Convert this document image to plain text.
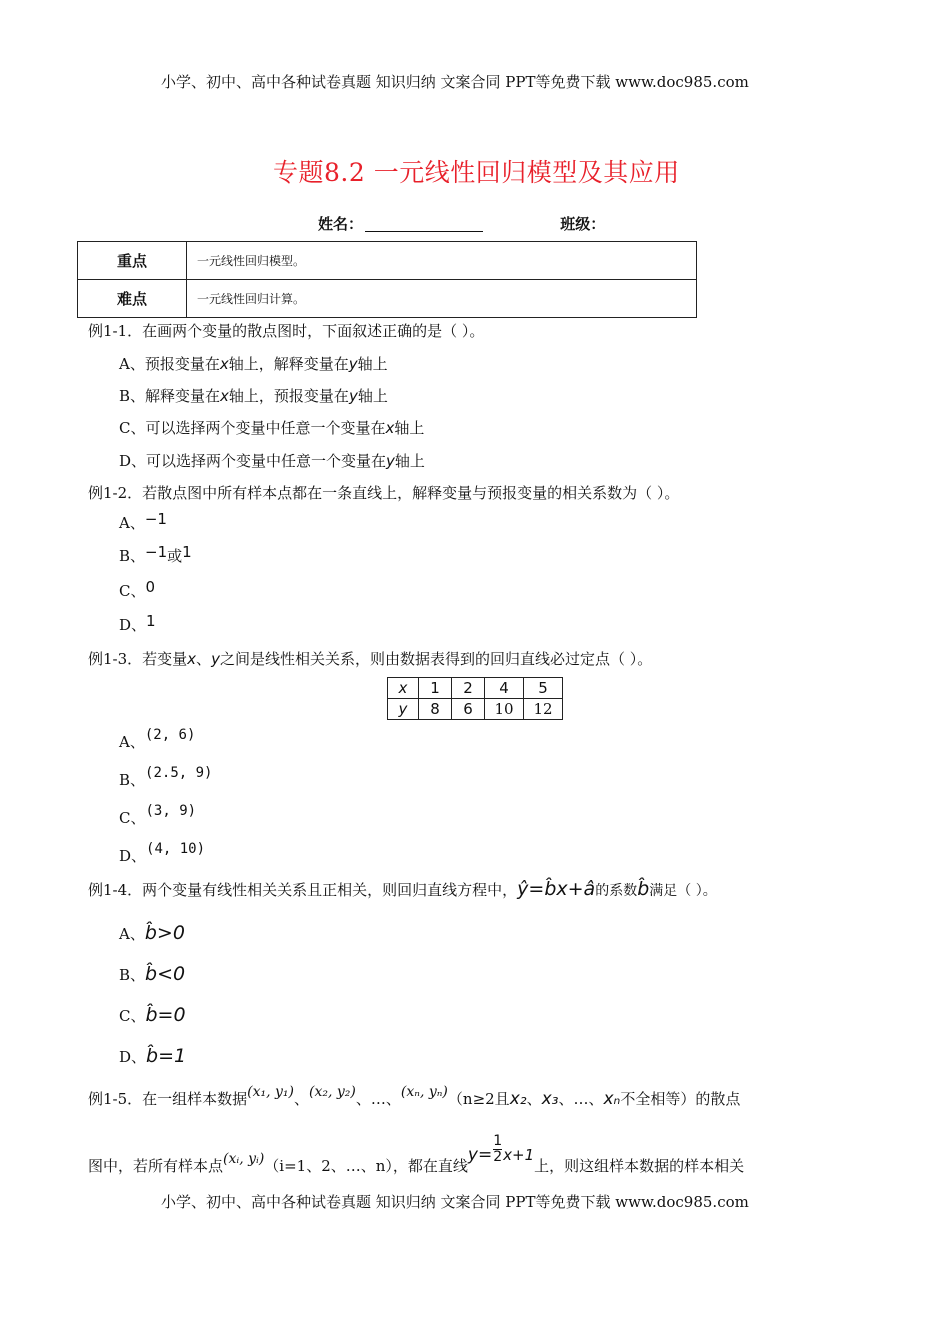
小学、初中、高中各种试卷真题 知识归纳 文案合同 PPT等免费下载 www.doc985.com
专题8.2 一元线性回归模型及其应用
姓名：	班级：
重点	一元线性回归模型。
难点	一元线性回归计算。
例1-1．在画两个变量的散点图时，下面叙述正确的是（ ）。
A、预报变量在x轴上，解释变量在y轴上
B、解释变量在x轴上，预报变量在y轴上
C、可以选择两个变量中任意一个变量在x轴上
D、可以选择两个变量中任意一个变量在y轴上
例1-2．若散点图中所有样本点都在一条直线上，解释变量与预报变量的相关系数为（ ）。
A、−1
B、−1或1
C、0
D、1
例1-3．若变量x、y之间是线性相关关系，则由数据表得到的回归直线必过定点（ ）。
x	1	2	4	5
y	8	6	10	12
A、(2, 6)
B、(2.5, 9)
C、(3, 9)
D、(4, 10)
例1-4．两个变量有线性相关关系且正相关，则回归直线方程中，ŷ=b̂x+â的系数b̂满足（ ）。
A、b̂>0
B、b̂<0
C、b̂=0
D、b̂=1
例1-5．在一组样本数据(x₁, y₁)、(x₂, y₂)、…、(xₙ, yₙ)（n≥2且x₂、x₃、…、xₙ不全相等）的散点
图中，若所有样本点(xᵢ, yᵢ)（i=1、2、…、n），都在直线$y= \frac{1}{2} x+1$上，则这组样本数据的样本相关
小学、初中、高中各种试卷真题 知识归纳 文案合同 PPT等免费下载 www.doc985.com
